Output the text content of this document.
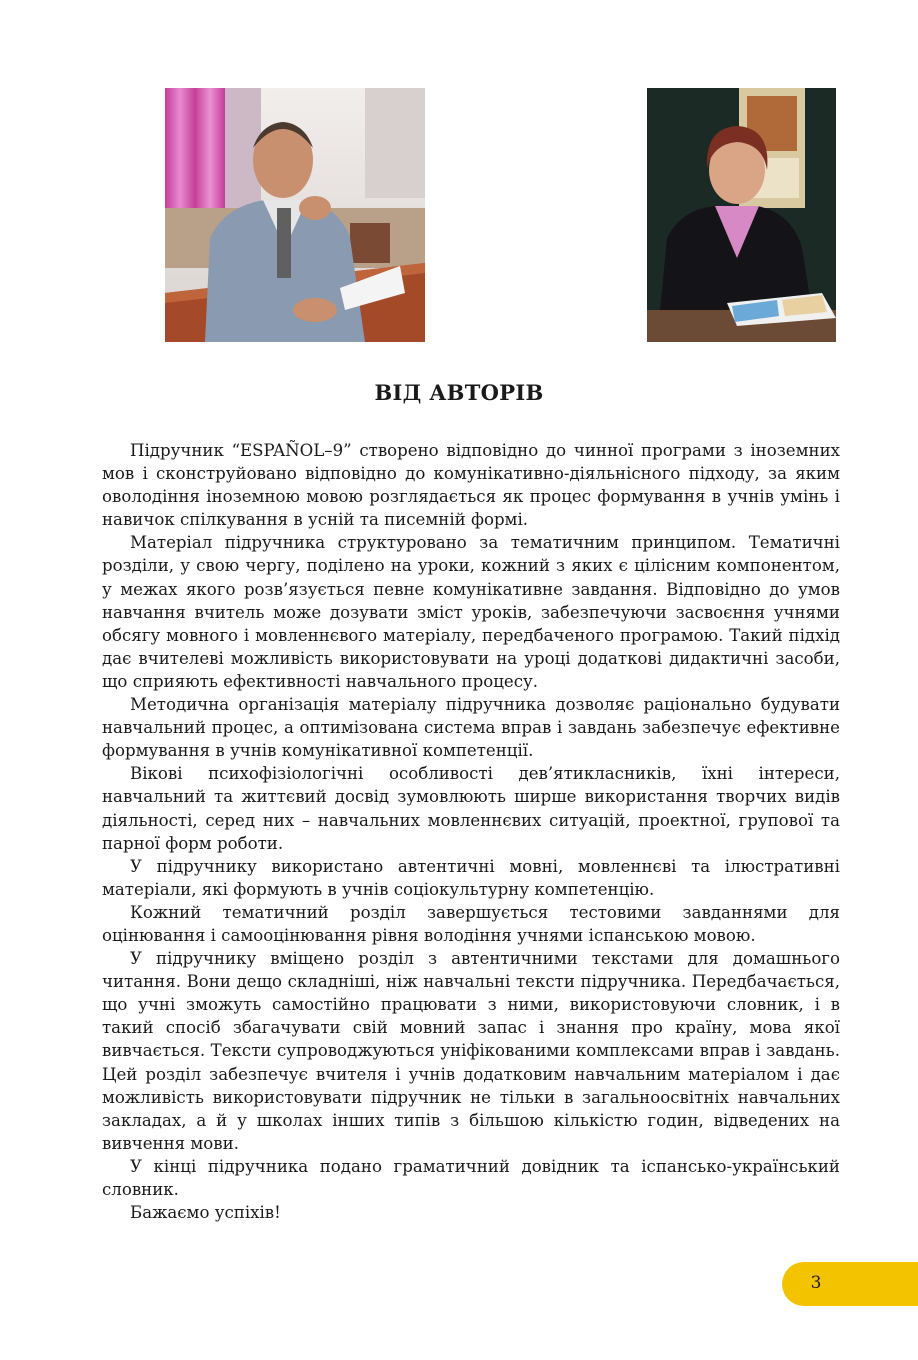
ВІД АВТОРІВ

Підручник “ESPAÑOL–9” створено відповідно до чинної програми з іноземних мов і сконструйовано відповідно до комунікативно-діяльнісного підходу, за яким оволодіння іноземною мовою розглядається як процес формування в учнів умінь і навичок спілкування в усній та писемній формі.

Матеріал підручника структуровано за тематичним принципом. Тематичні розділи, у свою чергу, поділено на уроки, кожний з яких є цілісним компонентом, у межах якого розв’язується певне комунікативне завдання. Відповідно до умов навчання вчитель може дозувати зміст уроків, забезпечуючи засвоєння учнями обсягу мовного і мовленнєвого матеріалу, передбаченого програмою. Такий підхід дає вчителеві можливість використовувати на уроці додаткові дидактичні засоби, що сприяють ефективності навчального процесу.

Методична організація матеріалу підручника дозволяє раціонально будувати навчальний процес, а оптимізована система вправ і завдань забезпечує ефективне формування в учнів комунікативної компетенції.

Вікові психофізіологічні особливості дев’ятикласників, їхні інтереси, навчальний та життєвий досвід зумовлюють ширше використання творчих видів діяльності, серед них – навчальних мовленнєвих ситуацій, проектної, групової та парної форм роботи.

У підручнику використано автентичні мовні, мовленнєві та ілюстративні матеріали, які формують в учнів соціокультурну компетенцію.

Кожний тематичний розділ завершується тестовими завданнями для оцінювання і самооцінювання рівня володіння учнями іспанською мовою.

У підручнику вміщено розділ з автентичними текстами для домашнього читання. Вони дещо складніші, ніж навчальні тексти підручника. Передбачається, що учні зможуть самостійно працювати з ними, використовуючи словник, і в такий спосіб збагачувати свій мовний запас і знання про країну, мова якої вивчається. Тексти супроводжуються уніфікованими комплексами вправ і завдань. Цей розділ забезпечує вчителя і учнів додатковим навчальним матеріалом і дає можливість використовувати підручник не тільки в загальноосвітніх навчальних закладах, а й у школах інших типів з більшою кількістю годин, відведених на вивчення мови.

У кінці підручника подано граматичний довідник та іспансько-український словник.

Бажаємо успіхів!

3
